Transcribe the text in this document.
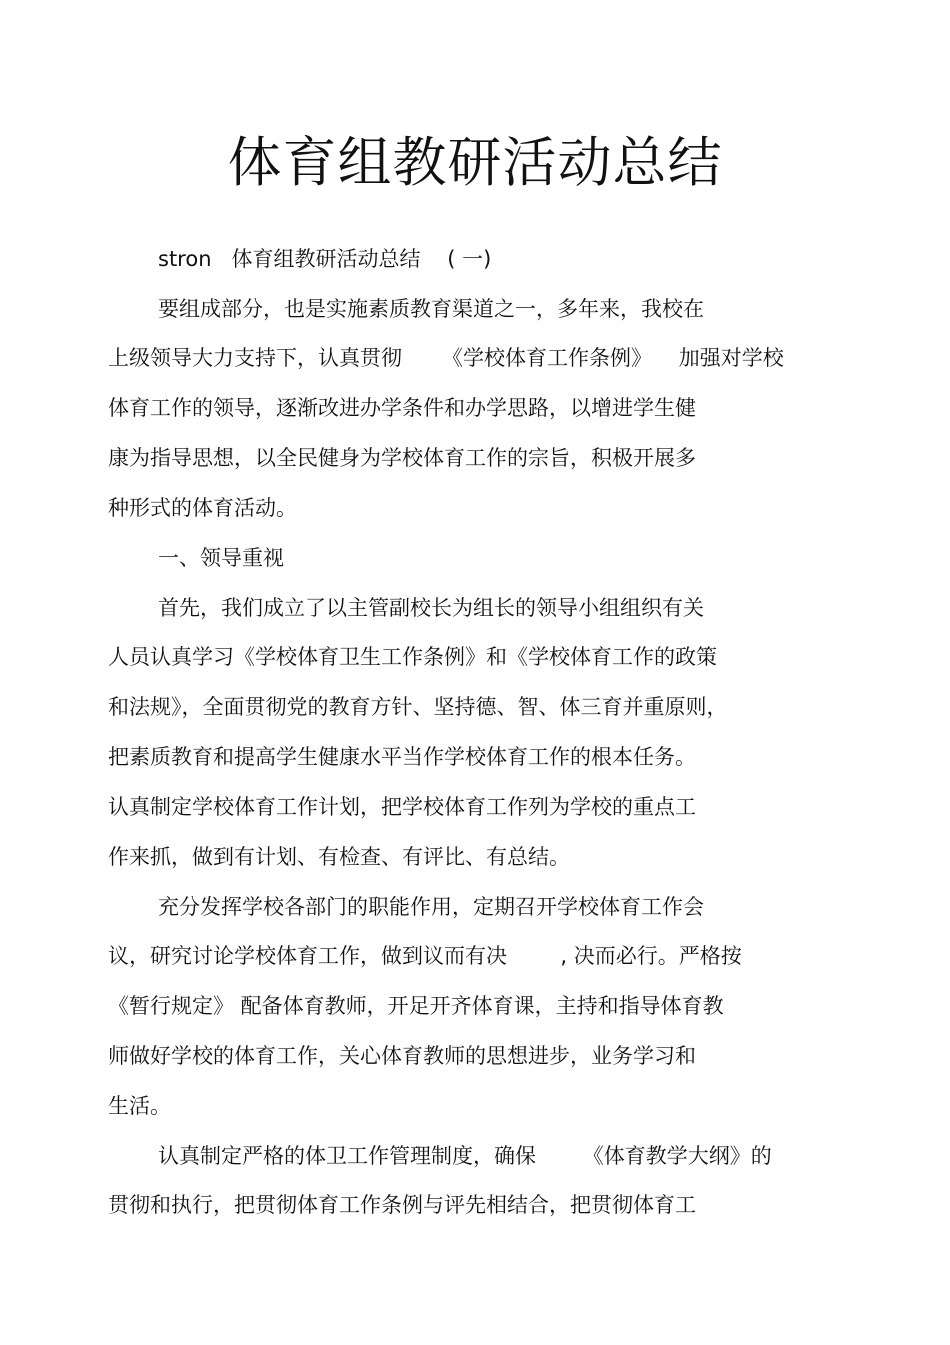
体育组教研活动总结

stron   体育组教研活动总结    ( 一)

要组成部分，也是实施素质教育渠道之一，多年来，我校在

上级领导大力支持下，认真贯彻      《学校体育工作条例》    加强对学校

体育工作的领导，逐渐改进办学条件和办学思路，以增进学生健

康为指导思想，以全民健身为学校体育工作的宗旨，积极开展多

种形式的体育活动。

一、领导重视

首先，我们成立了以主管副校长为组长的领导小组组织有关

人员认真学习《学校体育卫生工作条例》和《学校体育工作的政策

和法规》，全面贯彻党的教育方针、坚持德、智、体三育并重原则，

把素质教育和提高学生健康水平当作学校体育工作的根本任务。

认真制定学校体育工作计划，把学校体育工作列为学校的重点工

作来抓，做到有计划、有检查、有评比、有总结。

充分发挥学校各部门的职能作用，定期召开学校体育工作会

议，研究讨论学校体育工作，做到议而有决        , 决而必行。严格按

《暂行规定》 配备体育教师，开足开齐体育课，主持和指导体育教

师做好学校的体育工作，关心体育教师的思想进步，业务学习和

生活。

认真制定严格的体卫工作管理制度，确保       《体育教学大纲》的

贯彻和执行，把贯彻体育工作条例与评先相结合，把贯彻体育工
